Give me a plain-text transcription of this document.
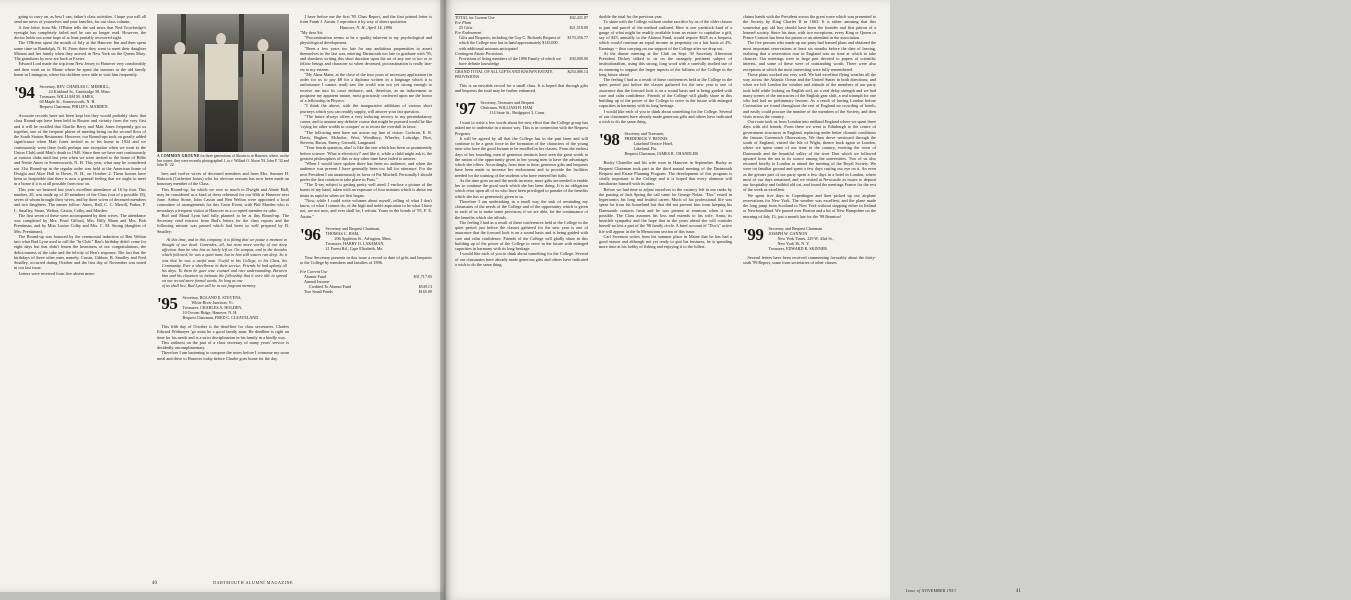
going to carry on, as best I can, father's class activities. I hope you will all send me news of yourselves and your families, for our class column.

A fine letter from Mr. O'Brien tells the sad news that Ned Trowbridge's eyesight has completely failed and he can no longer read. However, the doctor holds out some hope of at least partially recovered sight.

The O'Briens spent the month of July at the Hanover Inn and then spent some time in Randolph, N. H. From there they went to meet their daughter Miriam and her family when they arrived in New York on the Queen Mary. The grandsons by now are back at Exeter.

Edward Lord made the trip from New Jersey to Hanover very comfortably and then went on to Maine where he spent the summer at the old family home in Limington, where his children were able to visit him frequently.

'94	Secretary, REV. CHARLES C. MERRILL,
24 Kirkland St., Cambridge 38, Mass.
Treasurer, WILLIAM M. AMES,
60 Maple St., Somersworth, N. H.
Bequest Chairman, PHILIP S. MARDEN

Accurate records have not been kept but they would probably show that class Round-ups have been held in Boston and vicinity from the very first and it will be recalled that Charlie Berry and Matt Jones frequently got us together, one of the frequent places of meeting being on the second floor of the South Station Restaurant. However, our Round-ups took on greatly added significance when Matt Jones invited us to his home in 1924 and we continuously went there (with perhaps one exception when we went to the Union Club) until Matt's death in 1940. Since then we have met continuously at various clubs until last year when we were invited to the home of Billie and Nettie Ames in Somersworth, N. H. This year, what may be considered our 31st Round-up in the regular order was held at the American home of Dwight and Alice Hall in Dover, N. H., on October 2. These homes have been so hospitable that there is now a general feeling that we ought to meet in a home if it is at all possible from now on.

This year we bettered last year's excellent attendance of 16 by four. This number, 20, was made up of 20 members of the Class (out of a possible 18), seven of whom brought their wives, and by three wives of deceased members and two daughters. The names follow: Ames, Hall, C. C. Merrill, Parker, F. L. Smalley, Stone, Welton, Cassin, Colby, and Marden.

The first seven of these were accompanied by their wives. The attendance was completed by Mrs. Pearl Gifford, Mrs. Billy Mann and Mrs. Bob Prentiman, and by Miss Louise Colby and Mrs. C. M. Strong (daughter of Mrs. Prentiman).

The Round-up was honored by the ceremonial induction of Ben Welton into what Bud Lyon used to call the "In Club." Ben's birthday didn't come for eight days but that didn't lessen the heartiness of our congratulations, the deliciousness of the cake and the felicity of Ben's response. The fact that the birthdays of three other men, namely, Cassin, Gibbon, B. Smalley and Fred Smalley, occurred during October and the first day of November was noted in our last issue.

Letters were received from five absent mem-

A COMMON GROUND for three generations of Ahorns is in Hanover, where, on the Inn corner, they were recently photographed. L to r: Willard O. Ahorn '93, John P. '32 and John R. '22.

bers and twelve wives of deceased members and from Mrs. Sumner H. Babcock (Catherine Jones) who for obvious reasons has now been made an honorary member of the Class.

This Round-up, for which we owe so much to Dwight and Almie Hall, may be considered as a kind of dress rehearsal for our 60th at Hanover next June. Arthur Stone, John Cassin and Ben Welton were appointed a local committee of arrangements for this Great Event, with Phil Marden who is nowadays a frequent visitor at Hanover as a co-opted member ex urbe.

Bud and Maud Lyon had fully planned to be at this Round-up. The Secretary read extracts from Bud's letters for the class reports and the following minute was passed which had been so well prepared by B. Smalley:

At this time, and in this company, it is fitting that we pause a moment in thought of our dead. Comrades, all, but none more worthy of our deep affection than he who has so lately left us. On campus, and in the decades which followed, he was a quiet man; but in him still waters ran deep. So it was that he was a useful man. Useful to his College, to his Class, his Community. Ever a wheelhorse in their service. Friends he had aplenty all his days. To them he gave wise counsel and rare understanding. Between him and his classmen so intimate the fellowship that it were idle to spread on our record more formal words. So long as one

of us shall live, Bud Lyon will be in our fragrant memory.

'95	Secretary, ROLAND E. STEVENS,
White River Junction, Vt.
Treasurer, CHARLES A. HOLDEN,
10 Occom Ridge, Hanover, N. H.
Bequest Chairman, FRED C. CLEAVELAND

This fifth day of October is the dead-line for class secretaries. Charles Edward Widmayer 'go must be a good family man. He deadline is right on time for his needs and is a strict disciplinarian in his family in a kindly way.

This outburst on the part of a class secretary of many years' service is decidedly uncomplimentary.

Therefore I am hastening to compose the notes before I consume my noon meal and drive to Hanover today before Charlie goes home for the day.

I have before me the first '95 Class Report, and the first printed letter is from Frank J. Austin. I reproduce it by way of direct quotation.

Hanover, N. H., April 14, 1896

"My dear Sir:

"Procrastination seems to be a quality inherent to my psychological and physiological development.

"Been a few years too late for any ambitious propensities to assert themselves in the last war, entering Dartmouth too late to graduate with '95, and slumbers writing this short duration upon the art of any one to too or to fellow beings and character so when deceased, procrastination is really late-est to my esteem.

"My Alma Mater, at the close of the four years of necessary application (in order for us to pay $8 for a diploma written in a language which it is unfortunate I cannot read) saw the world was not yet strong enough to receive me into its court embrace, and, therefore, as an inducement to postpone my apparent nature, most graciously conferred upon me the honor of a fellowship in Physics.

"I think the above, with the inaugurative additions of various short journeys which you can readily supply, will answer your fair question.

"The future always offers a very inducing secrecy to my perambulatory career, and to assume any definite course that might be pursued would be like 'crying for other worlds to conquer' or to recast the overdull in favor.

"The following men have run across my line of vision: Cochran, E. R. Davis, Bugbee, McIndoe, West, Woodbury, Wheeler, Lottridge, Rice, Stevens, Bacon, Emery, Gerould, Langmaid.

"Your fourth question, alas! is like the one which has been so prominently before science: 'What is electricity?' and like it, while a child might ask it, the greatest philosophers of this or any other time have failed to answer.

"When I would have spoken there has been no audience, and when the audience was present I have generally been too full for utterance. For the next President I am unanimously in favor of Pat Mitchell. Personally I should prefer the first rotation to take place in Paris."

"The X-ray subject is getting pretty well aired. I enclose a picture of the bones of my hand, taken with an exposure of four minutes which is about ten times as rapid as when we first began.

"Now, while I could write volumes about myself, telling of what I don't know, of what I cannot do, of the high and noble aspiration to be what I have not, are not now, and ever shall be, I refrain. Yours in the bonds of '95, F. E. Austin."

'96	Secretary and Bequest Chairman,
THOMAS C. HAM,
206 Appleton St., Arlington, Mass.
Treasurer, HARRY O. LAKEMAN,
21 Forest Rd., Cape Elizabeth, Me.

Your Secretary presents in this issue a record to date of gifts and bequests to the College by members and families of 1896.

For Current Use
Alumni Fund	$31,717.83
Annual Income
Credited To Alumni Fund	$549.13
Two Small Funds	$165.00
40	DARTMOUTH ALUMNI MAGAZINE
TOTAL for Current Use	$32,431.87
For Plant
25 Gifts	$21,518.00
For Endowment
Gifts and Bequests, including the Guy C. Richards Bequest of which the College now has in hand approximately $145,000 with additional amounts anticipated
$170,356.77
Contingent Estate Provisions
Provisions of living members of the 1896 Family of which we have definite knowledge
$30,000.00
GRAND TOTAL OF ALL GIFTS AND KNOWN ESTATE PROVISIONS
$254,086.14

This is an enviable record for a small class. It is hoped that through gifts and bequests the total may be further enhanced.

'97	Secretary, Treasurer and Bequest
Chairman, WILLIAM H. HAM
114 State St., Bridgeport 3, Conn.

I want to write a few words about the new effort that the College group has asked me to undertake in a minor way. This is in connection with the Bequest Program.

It will be agreed by all that the College has in the past been and will continue to be a great force in the formation of the characters of the young men who have the good fortune to be enrolled in her classes. From the earliest days of her founding, men of generous instincts have seen the great worth to the nation of the opportunity given to her young men to have the advantages which she offers. Accordingly, from time to time, generous gifts and bequests have been made to increase her endowment and to provide the facilities needed for the training of the students who have entered her halls.

As the time goes on and the needs increase, more gifts are needed to enable her to continue the good work which she has been doing. It is an obligation which rests upon all of us who have been privileged to partake of the benefits which she has so generously given to us.

Therefore I am undertaking in a small way the task of reminding my classmates of the needs of the College and of the opportunity which is given to each of us to make some provision, if we are able, for the continuance of the benefits which she affords.

The feeling I had as a result of these conferences held at the College in the quiet period just before the classes gathered for the new year is one of assurance that the forward look is on a sound basis and is being guided with care and calm confidence. Friends of the College will gladly share in this building up of the power of the College to serve in the future with enlarged capacities in harmony with its long heritage.

I would like each of you to think about something for the College. Several of our classmates have already made generous gifts and others have indicated a wish to do the same thing.

double the total for the previous year.

To share with the College without undue sacrifice by us of the older classes is part and parcel of the method outlined. Here is one yardstick kind of a gauge of what might be readily available from an estate: to capitalize a gift, say of $25, annually to the Alumni Fund, would require $625 as a bequest, which would continue an equal income in perpetuity on a fair basis of 4%. Earnings -- thus carrying on our support of the College after we drop out.

At the dinner meeting at the Club on Sept. 30 Secretary Afternoon President Dickey talked to us on the strangely pertinent subject of institutionalism, using this strong, long word with a carefully studied use of its meaning to support the larger aspects of the fullness of the College in the long future ahead.

The feeling I had as a result of these conferences held at the College in the quiet period just before the classes gathered for the new year is one of assurance that the forward look is on a sound basis and is being guided with care and calm confidence. Friends of the College will gladly share in this building up of the power of the College to serve in the future with enlarged capacities in harmony with its long heritage.

I would like each of you to think about something for the College. Several of our classmates have already made generous gifts and others have indicated a wish to do the same thing.

'98	Secretary and Treasurer,
FREDERICK V. BENNIS
Lakeland Terrace Hotel,
Lakeland, Fla.
Bequest Chairman, JAMES R. CHANDLER

Bucky Chandler and his wife were in Hanover in September. Bucky as Bequest Chairman took part in the third annual meeting of the Dartmouth Bequest and Estate Planning Program. The development of this program is vitally important to the College and it is hoped that every alumnus will familiarize himself with its aims.

Before we had time to adjust ourselves to the vacancy left in our ranks by the passing of Jack Spring the call came for George Nolan. "Doc" rested in hypertonics his long and fruitful career. Much of his professional life was spent far from his homeland but that did not prevent him from keeping his Dartmouth contacts fresh and he was present at reunions when it was possible. The Class assumes his loss and extends to his wife, Anna, its heartfelt sympathy and the hope that in the years ahead she will consider herself no less a part of the '98 family circle. A brief account of "Doc's" active life will appear in the In Memoriam section of this issue.

Carl Swenson writes from his summer place in Maine that he has had a good season and although not yet ready to quit his business, he is spending more time at his hobby of fishing and enjoying it to the fullest.

claims hands with the President across the great wave which was presented to the Society by King Charles II in 1663. It is rather amusing that this somewhat gay old boy should have been the founder and first patron of a learned society. Since his time, with two exceptions, every King or Queen or Prince Consort has been the patron or an attendant in the association.

The five persons who made up our party had framed plans and obtained the most important reservations at least six months before the date of leaving, realizing that a reservation tour in England was no time at which to take chances. Our meetings were in large part devoted to papers of scientific interest, and some of these were of outstanding worth. There were also exceptions at which the most interesting were fully remembered.

These plans worked out very well. We had excellent flying weather all the way across the Atlantic Ocean and the United States in both directions; and when we left London the weather and attitude of the members of our party took hold while looking on English soil, on a real delay strength and we had many scenes of the intricacies of the English gear shift, a real triumph for one who had had no preliminary lessons. As a result of having London before Coronation we found throughout the rest of England no crowding of hotels, and easily could procure the number of the members of the Society, and then visits across the country.

Our route took us from London into midland England where we spent three days with old friends. From there we went to Edinburgh to the centre of government structures in England, replacing under better climatic conditions the famous Greenwich Observatory. We then drove westward through the south of England, visited the Isle of Wight, thence back again to London, where we spent some of our time in the country, exerting the town of Dartmouth and the beautiful valley of the river Dart which we followed upward from the sea to its source among the universities. Two of us also returned briefly to London to attend the meeting of the Royal Society. We were on familiar ground and spent a few days casting our eye on it. An even as the greater part of our party spent a few days in a hotel in London, where most of our days remained, and we visited at Newcastle as issues to deposit our hospitality and faithful old cat, and found the meetings France for the rest of the week as excellent.

We spent five days in Copenhagen and then picked up our airplane reservations for New York. The weather was excellent, and the plane made the long jump from Scotland to New York without stopping either in Ireland or Newfoundland. We passed over Boston and a bit of New Hampshire on the morning of July 15, just a month late for the '98 Reunion!

'99	Secretary and Bequest Chairman
JOSEPH W. GANNON
New York Times, 229 W. 43rd St.,
New York 36, N. Y.
Treasurer, EDWARD R. SKINNER

Several letters have been received commenting favorably about the thirty-sixth '99 Report, some from secretaries of other classes

Issue of NOVEMBER 1953	41
